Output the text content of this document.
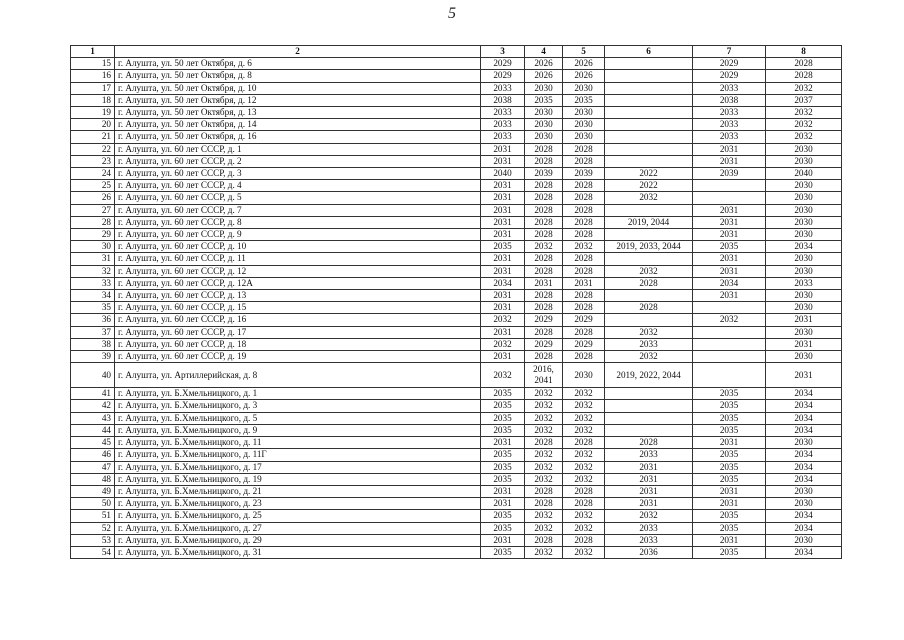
5
1	2	3	4	5	6	7	8
15	г. Алушта, ул. 50 лет Октября, д. 6	2029	2026	2026		2029	2028
16	г. Алушта, ул. 50 лет Октября, д. 8	2029	2026	2026		2029	2028
17	г. Алушта, ул. 50 лет Октября, д. 10	2033	2030	2030		2033	2032
18	г. Алушта, ул. 50 лет Октября, д. 12	2038	2035	2035		2038	2037
19	г. Алушта, ул. 50 лет Октября, д. 13	2033	2030	2030		2033	2032
20	г. Алушта, ул. 50 лет Октября, д. 14	2033	2030	2030		2033	2032
21	г. Алушта, ул. 50 лет Октября, д. 16	2033	2030	2030		2033	2032
22	г. Алушта, ул. 60 лет СССР, д. 1	2031	2028	2028		2031	2030
23	г. Алушта, ул. 60 лет СССР, д. 2	2031	2028	2028		2031	2030
24	г. Алушта, ул. 60 лет СССР, д. 3	2040	2039	2039	2022	2039	2040
25	г. Алушта, ул. 60 лет СССР, д. 4	2031	2028	2028	2022		2030
26	г. Алушта, ул. 60 лет СССР, д. 5	2031	2028	2028	2032		2030
27	г. Алушта, ул. 60 лет СССР, д. 7	2031	2028	2028		2031	2030
28	г. Алушта, ул. 60 лет СССР, д. 8	2031	2028	2028	2019, 2044	2031	2030
29	г. Алушта, ул. 60 лет СССР, д. 9	2031	2028	2028		2031	2030
30	г. Алушта, ул. 60 лет СССР, д. 10	2035	2032	2032	2019, 2033, 2044	2035	2034
31	г. Алушта, ул. 60 лет СССР, д. 11	2031	2028	2028		2031	2030
32	г. Алушта, ул. 60 лет СССР, д. 12	2031	2028	2028	2032	2031	2030
33	г. Алушта, ул. 60 лет СССР, д. 12А	2034	2031	2031	2028	2034	2033
34	г. Алушта, ул. 60 лет СССР, д. 13	2031	2028	2028		2031	2030
35	г. Алушта, ул. 60 лет СССР, д. 15	2031	2028	2028	2028		2030
36	г. Алушта, ул. 60 лет СССР, д. 16	2032	2029	2029		2032	2031
37	г. Алушта, ул. 60 лет СССР, д. 17	2031	2028	2028	2032		2030
38	г. Алушта, ул. 60 лет СССР, д. 18	2032	2029	2029	2033		2031
39	г. Алушта, ул. 60 лет СССР, д. 19	2031	2028	2028	2032		2030
40	г. Алушта, ул. Артиллерийская, д. 8	2032	2016, 2041	2030	2019, 2022, 2044		2031
41	г. Алушта, ул. Б.Хмельницкого, д. 1	2035	2032	2032		2035	2034
42	г. Алушта, ул. Б.Хмельницкого, д. 3	2035	2032	2032		2035	2034
43	г. Алушта, ул. Б.Хмельницкого, д. 5	2035	2032	2032		2035	2034
44	г. Алушта, ул. Б.Хмельницкого, д. 9	2035	2032	2032		2035	2034
45	г. Алушта, ул. Б.Хмельницкого, д. 11	2031	2028	2028	2028	2031	2030
46	г. Алушта, ул. Б.Хмельницкого, д. 11Г	2035	2032	2032	2033	2035	2034
47	г. Алушта, ул. Б.Хмельницкого, д. 17	2035	2032	2032	2031	2035	2034
48	г. Алушта, ул. Б.Хмельницкого, д. 19	2035	2032	2032	2031	2035	2034
49	г. Алушта, ул. Б.Хмельницкого, д. 21	2031	2028	2028	2031	2031	2030
50	г. Алушта, ул. Б.Хмельницкого, д. 23	2031	2028	2028	2031	2031	2030
51	г. Алушта, ул. Б.Хмельницкого, д. 25	2035	2032	2032	2032	2035	2034
52	г. Алушта, ул. Б.Хмельницкого, д. 27	2035	2032	2032	2033	2035	2034
53	г. Алушта, ул. Б.Хмельницкого, д. 29	2031	2028	2028	2033	2031	2030
54	г. Алушта, ул. Б.Хмельницкого, д. 31	2035	2032	2032	2036	2035	2034
